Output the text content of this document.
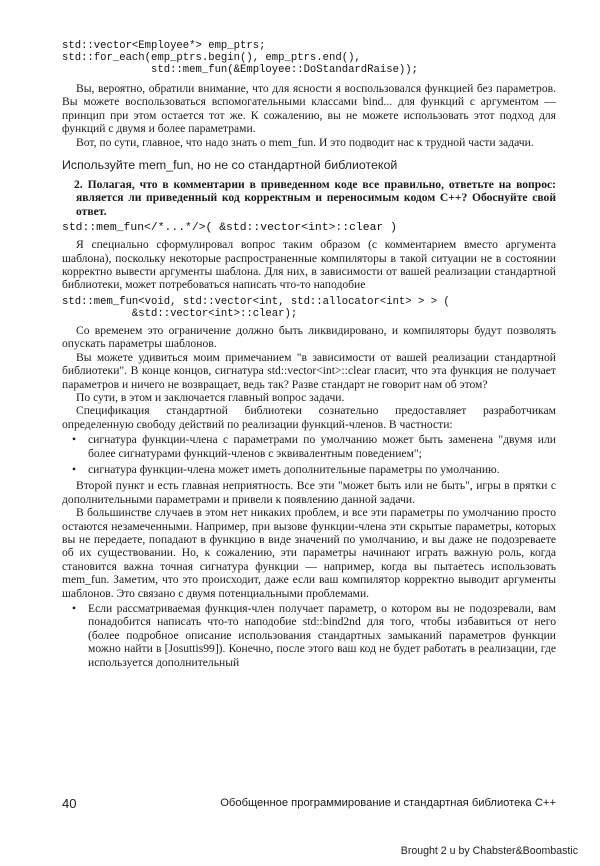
std::vector<Employee*> emp_ptrs;
std::for_each(emp_ptrs.begin(), emp_ptrs.end(),
std::mem_fun(&Employee::DoStandardRaise));

Вы, вероятно, обратили внимание, что для ясности я воспользовался функцией без параметров. Вы можете воспользоваться вспомогательными классами bind... для функций с аргументом — принцип при этом остается тот же. К сожалению, вы не можете использовать этот подход для функций с двумя и более параметрами.

Вот, по сути, главное, что надо знать о mem_fun. И это подводит нас к трудной части задачи.

Используйте mem_fun, но не со стандартной библиотекой
2. Полагая, что в комментарии в приведенном коде все правильно, ответьте на вопрос: является ли приведенный код корректным и переносимым кодом C++? Обоснуйте свой ответ.
std::mem_fun</*...*/>( &std::vector<int>::clear )

Я специально сформулировал вопрос таким образом (с комментарием вместо аргумента шаблона), поскольку некоторые распространенные компиляторы в такой ситуации не в состоянии корректно вывести аргументы шаблона. Для них, в зависимости от вашей реализации стандартной библиотеки, может потребоваться написать что-то наподобие

std::mem_fun<void, std::vector<int, std::allocator<int> > > (
&std::vector<int>::clear);

Со временем это ограничение должно быть ликвидировано, и компиляторы будут позволять опускать параметры шаблонов.

Вы можете удивиться моим примечанием "в зависимости от вашей реализации стандартной библиотеки". В конце концов, сигнатура std::vector<int>::clear гласит, что эта функция не получает параметров и ничего не возвращает, ведь так? Разве стандарт не говорит нам об этом?

По сути, в этом и заключается главный вопрос задачи.

Спецификация стандартной библиотеки сознательно предоставляет разработчикам определенную свободу действий по реализации функций-членов. В частности:

• сигнатура функции-члена с параметрами по умолчанию может быть заменена "двумя или более сигнатурами функций-членов с эквивалентным поведением";
• сигнатура функции-члена может иметь дополнительные параметры по умолчанию.

Второй пункт и есть главная неприятность. Все эти "может быть или не быть", игры в прятки с дополнительными параметрами и привели к появлению данной задачи.

В большинстве случаев в этом нет никаких проблем, и все эти параметры по умолчанию просто остаются незамеченными. Например, при вызове функции-члена эти скрытые параметры, которых вы не передаете, попадают в функцию в виде значений по умолчанию, и вы даже не подозреваете об их существовании. Но, к сожалению, эти параметры начинают играть важную роль, когда становится важна точная сигнатура функции — например, когда вы пытаетесь использовать mem_fun. Заметим, что это происходит, даже если ваш компилятор корректно выводит аргументы шаблонов. Это связано с двумя потенциальными проблемами.

• Если рассматриваемая функция-член получает параметр, о котором вы не подозревали, вам понадобится написать что-то наподобие std::bind2nd для того, чтобы избавиться от него (более подробное описание использования стандартных замыканий параметров функции можно найти в [Josuttis99]). Конечно, после этого ваш код не будет работать в реализации, где используется дополнительный
40	Обобщенное программирование и стандартная библиотека C++
Brought 2 u by Chabster&Boombastic
